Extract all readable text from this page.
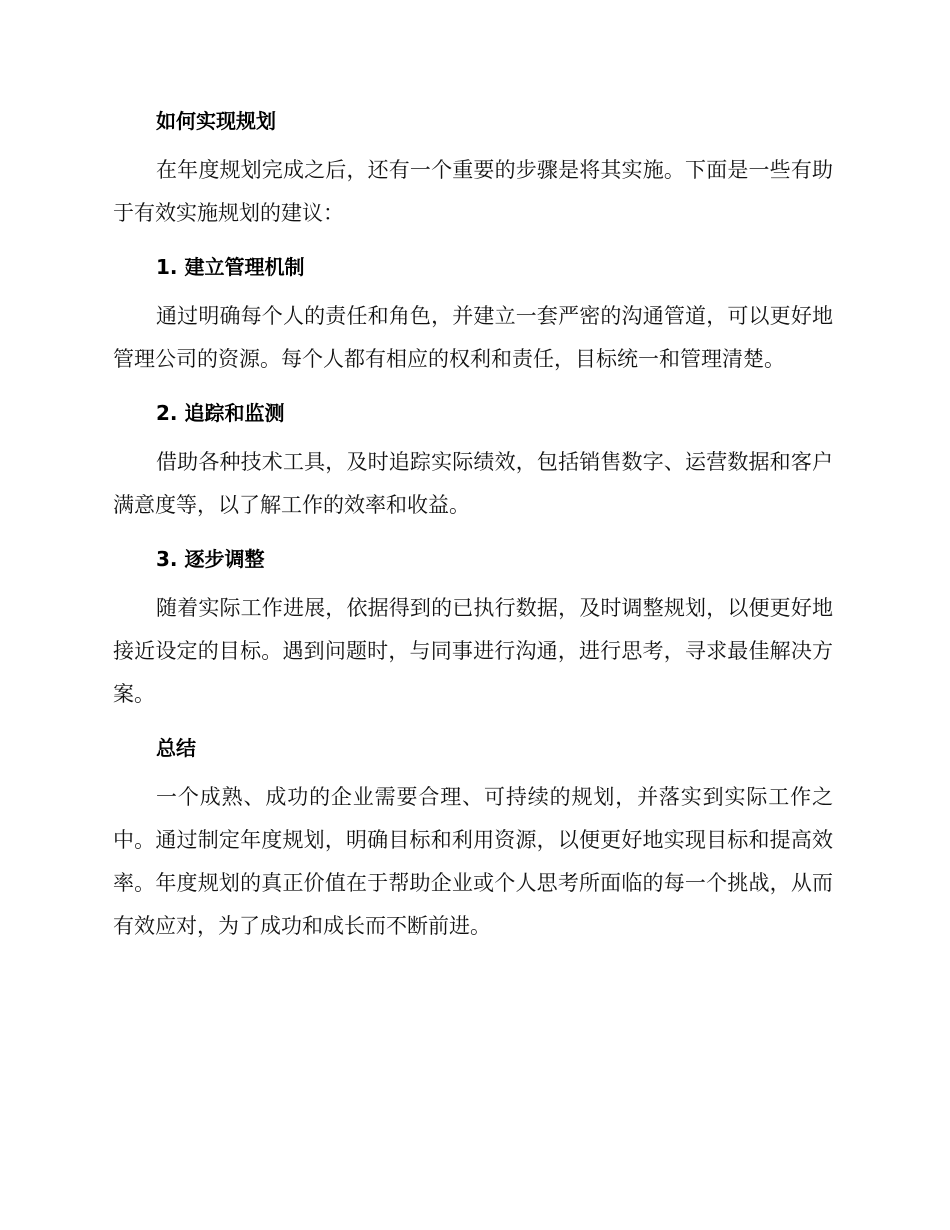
如何实现规划

在年度规划完成之后，还有一个重要的步骤是将其实施。下面是一些有助于有效实施规划的建议：

1. 建立管理机制

通过明确每个人的责任和角色，并建立一套严密的沟通管道，可以更好地管理公司的资源。每个人都有相应的权利和责任，目标统一和管理清楚。

2. 追踪和监测

借助各种技术工具，及时追踪实际绩效，包括销售数字、运营数据和客户满意度等，以了解工作的效率和收益。

3. 逐步调整

随着实际工作进展，依据得到的已执行数据，及时调整规划，以便更好地接近设定的目标。遇到问题时，与同事进行沟通，进行思考，寻求最佳解决方案。

总结

一个成熟、成功的企业需要合理、可持续的规划，并落实到实际工作之中。通过制定年度规划，明确目标和利用资源，以便更好地实现目标和提高效率。年度规划的真正价值在于帮助企业或个人思考所面临的每一个挑战，从而有效应对，为了成功和成长而不断前进。
